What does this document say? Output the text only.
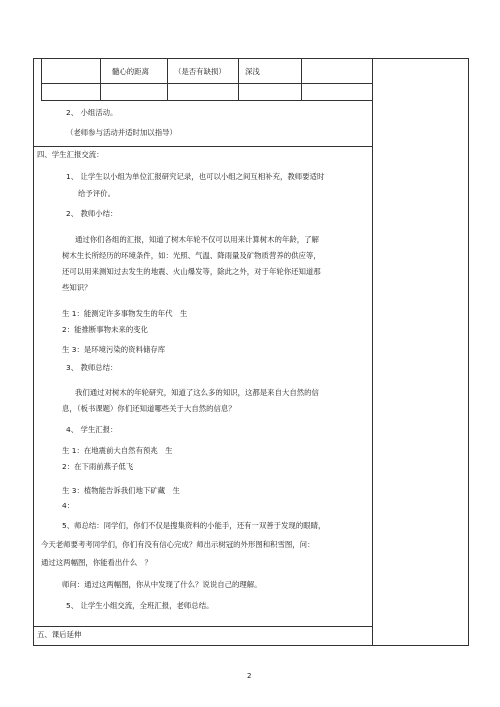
髓心的距离	（是否有缺损）	深浅
2、 小组活动。
（老师参与活动并适时加以指导）
四、学生汇报交流：
1、 让学生以小组为单位汇报研究记录，也可以小组之间互相补充，教师要适时
给予评价。
2、 教师小结：
通过你们各组的汇报，知道了树木年轮不仅可以用来计算树木的年龄，了解
树木生长所经历的环境条件，如：光照、气温、降雨量及矿物质营养的供应等，
还可以用来测知过去发生的地震、火山爆发等，除此之外，对于年轮你还知道那
些知识？
生 1：能测定许多事物发生的年代　生
2：能推断事物未来的变化
生 3：是环境污染的资料储存库
3、 教师总结：
我们通过对树木的年轮研究，知道了这么多的知识，这都是来自大自然的信
息，（板书课题）你们还知道哪些关于大自然的信息？
4、 学生汇报：
生 1：在地震前大自然有预兆　生
2：在下雨前燕子低飞
生 3：植物能告诉我们地下矿藏　生
4：
5、师总结：同学们，你们不仅是搜集资料的小能手，还有一双善于发现的眼睛，
今天老师要考考同学们，你们有没有信心完成？师出示树冠的外形图和积雪图，问：
通过这两幅图，你能看出什么　？
师问：通过这两幅图，你从中发现了什么？说说自己的理解。
5、 让学生小组交流，全班汇报，老师总结。
五、课后延伸
2
